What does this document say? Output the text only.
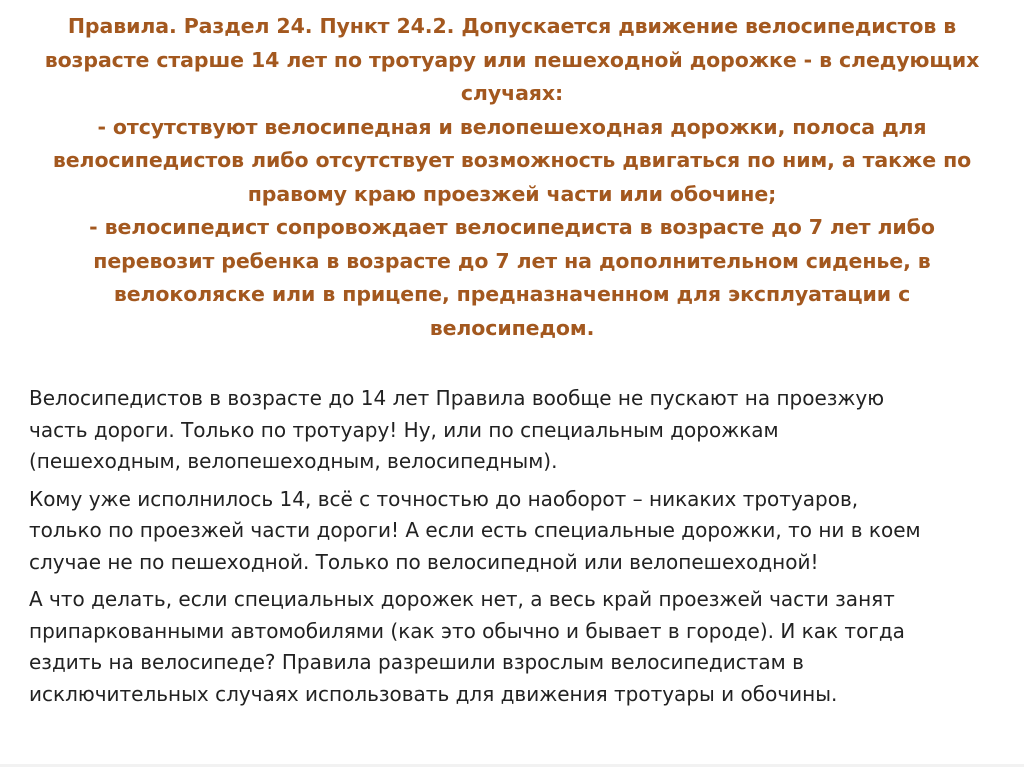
Правила. Раздел 24. Пункт 24.2. Допускается движение велосипедистов в
возрасте старше 14 лет по тротуару или пешеходной дорожке - в следующих
случаях:
- отсутствуют велосипедная и велопешеходная дорожки, полоса для
велосипедистов либо отсутствует возможность двигаться по ним, а также по
правому краю проезжей части или обочине;
- велосипедист сопровождает велосипедиста в возрасте до 7 лет либо
перевозит ребенка в возрасте до 7 лет на дополнительном сиденье, в
велоколяске или в прицепе, предназначенном для эксплуатации с
велосипедом.

Велосипедистов в возрасте до 14 лет Правила вообще не пускают на проезжую
часть дороги. Только по тротуару! Ну, или по специальным дорожкам
(пешеходным, велопешеходным, велосипедным).

Кому уже исполнилось 14, всё с точностью до наоборот – никаких тротуаров,
только по проезжей части дороги! А если есть специальные дорожки, то ни в коем
случае не по пешеходной. Только по велосипедной или велопешеходной!

А что делать, если специальных дорожек нет, а весь край проезжей части занят
припаркованными автомобилями (как это обычно и бывает в городе). И как тогда
ездить на велосипеде? Правила разрешили взрослым велосипедистам в
исключительных случаях использовать для движения тротуары и обочины.
